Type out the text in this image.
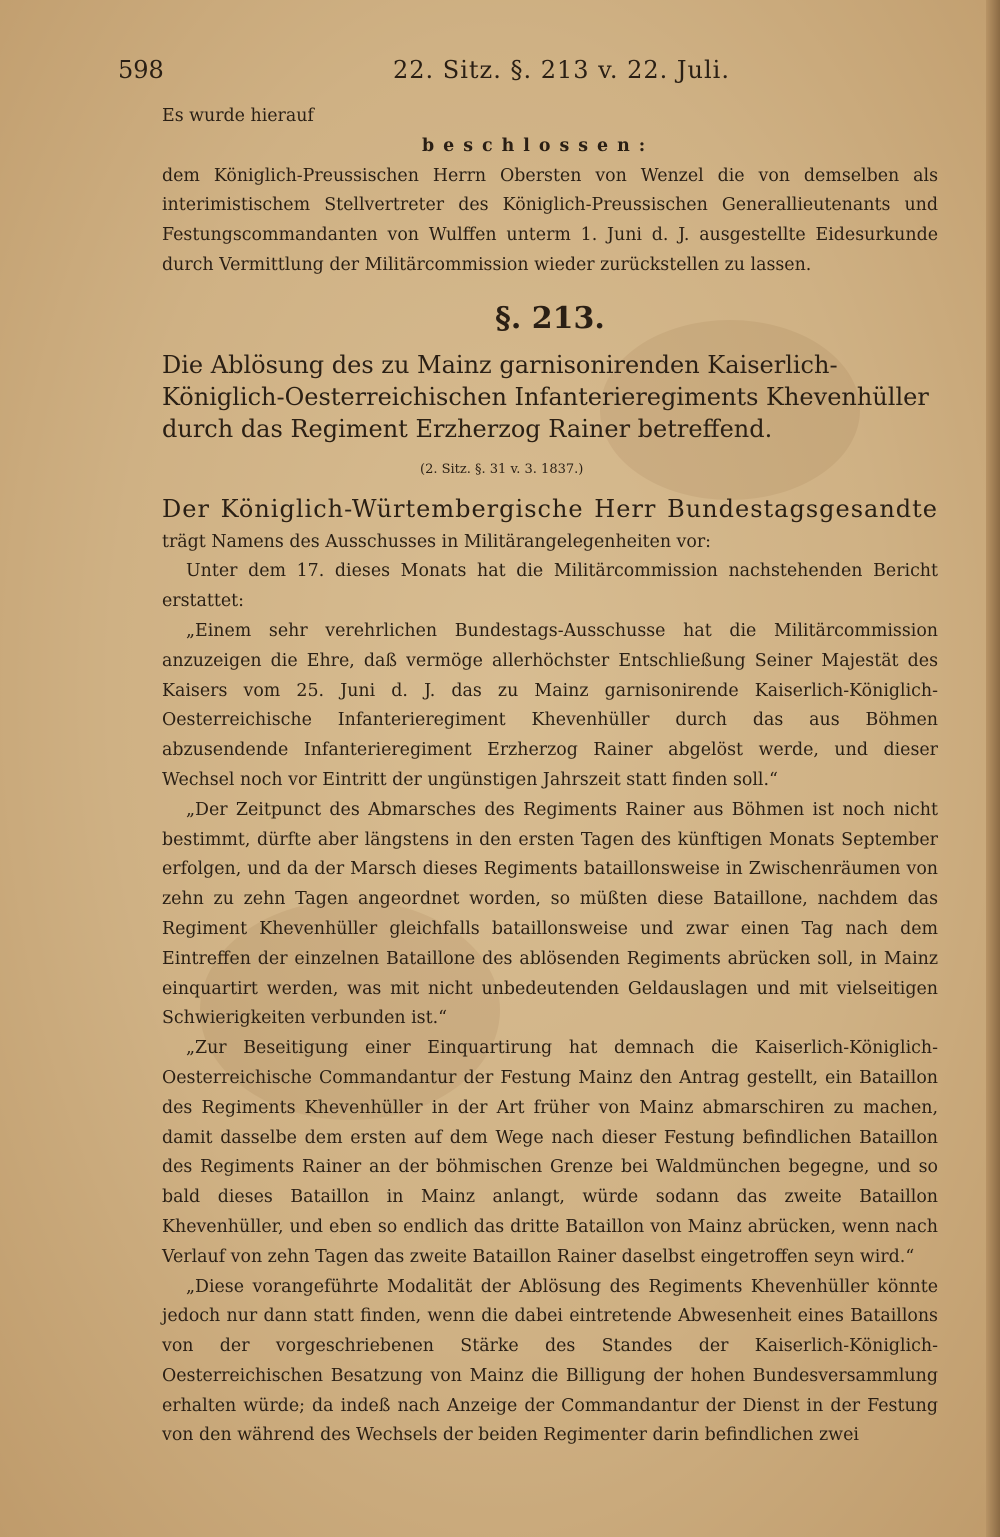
598	22. Sitz. §. 213 v. 22. Juli.

Es wurde hierauf

beschlossen:

dem Königlich-Preussischen Herrn Obersten von Wenzel die von demselben als interimistischem Stellvertreter des Königlich-Preussischen Generallieutenants und Festungscommandanten von Wulffen unterm 1. Juni d. J. ausgestellte Eidesurkunde durch Vermittlung der Militärcommission wieder zurückstellen zu lassen.

§. 213.

Die Ablösung des zu Mainz garnisonirenden Kaiserlich-Königlich-Oesterreichischen Infanterieregiments Khevenhüller durch das Regiment Erzherzog Rainer betreffend.

(2. Sitz. §. 31 v. 3. 1837.)

Der Königlich-Würtembergische Herr Bundestagsgesandte trägt Namens des Ausschusses in Militärangelegenheiten vor:

Unter dem 17. dieses Monats hat die Militärcommission nachstehenden Bericht erstattet:

„Einem sehr verehrlichen Bundestags-Ausschusse hat die Militärcommission anzuzeigen die Ehre, daß vermöge allerhöchster Entschließung Seiner Majestät des Kaisers vom 25. Juni d. J. das zu Mainz garnisonirende Kaiserlich-Königlich-Oesterreichische Infanterieregiment Khevenhüller durch das aus Böhmen abzusendende Infanterieregiment Erzherzog Rainer abgelöst werde, und dieser Wechsel noch vor Eintritt der ungünstigen Jahrszeit statt finden soll.“

„Der Zeitpunct des Abmarsches des Regiments Rainer aus Böhmen ist noch nicht bestimmt, dürfte aber längstens in den ersten Tagen des künftigen Monats September erfolgen, und da der Marsch dieses Regiments bataillonsweise in Zwischenräumen von zehn zu zehn Tagen angeordnet worden, so müßten diese Bataillone, nachdem das Regiment Khevenhüller gleichfalls bataillonsweise und zwar einen Tag nach dem Eintreffen der einzelnen Bataillone des ablösenden Regiments abrücken soll, in Mainz einquartirt werden, was mit nicht unbedeutenden Geldauslagen und mit vielseitigen Schwierigkeiten verbunden ist.“

„Zur Beseitigung einer Einquartirung hat demnach die Kaiserlich-Königlich-Oesterreichische Commandantur der Festung Mainz den Antrag gestellt, ein Bataillon des Regiments Khevenhüller in der Art früher von Mainz abmarschiren zu machen, damit dasselbe dem ersten auf dem Wege nach dieser Festung befindlichen Bataillon des Regiments Rainer an der böhmischen Grenze bei Waldmünchen begegne, und so bald dieses Bataillon in Mainz anlangt, würde sodann das zweite Bataillon Khevenhüller, und eben so endlich das dritte Bataillon von Mainz abrücken, wenn nach Verlauf von zehn Tagen das zweite Bataillon Rainer daselbst eingetroffen seyn wird.“

„Diese vorangeführte Modalität der Ablösung des Regiments Khevenhüller könnte jedoch nur dann statt finden, wenn die dabei eintretende Abwesenheit eines Bataillons von der vorgeschriebenen Stärke des Standes der Kaiserlich-Königlich-Oesterreichischen Besatzung von Mainz die Billigung der hohen Bundesversammlung erhalten würde; da indeß nach Anzeige der Commandantur der Dienst in der Festung von den während des Wechsels der beiden Regimenter darin befindlichen zwei
